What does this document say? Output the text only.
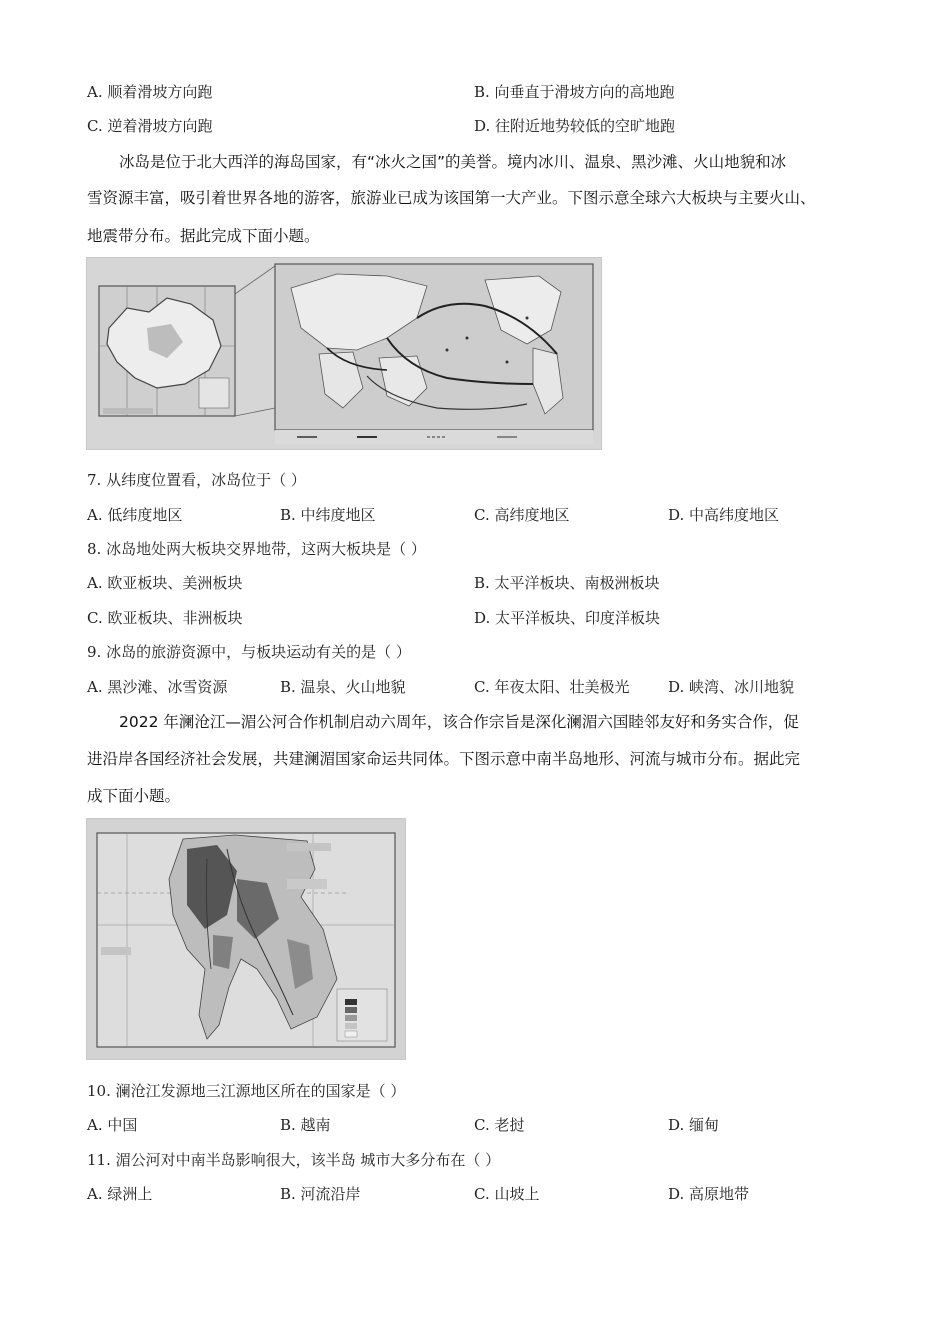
A. 顺着滑坡方向跑	B. 向垂直于滑坡方向的高地跑
C. 逆着滑坡方向跑	D. 往附近地势较低的空旷地跑
冰岛是位于北大西洋的海岛国家，有“冰火之国”的美誉。境内冰川、温泉、黑沙滩、火山地貌和冰
雪资源丰富，吸引着世界各地的游客，旅游业已成为该国第一大产业。下图示意全球六大板块与主要火山、
地震带分布。据此完成下面小题。
7. 从纬度位置看，冰岛位于（ ）
A. 低纬度地区	B. 中纬度地区	C. 高纬度地区	D. 中高纬度地区
8. 冰岛地处两大板块交界地带，这两大板块是（ ）
A. 欧亚板块、美洲板块	B. 太平洋板块、南极洲板块
C. 欧亚板块、非洲板块	D. 太平洋板块、印度洋板块
9. 冰岛的旅游资源中，与板块运动有关的是（ ）
A. 黑沙滩、冰雪资源	B. 温泉、火山地貌	C. 年夜太阳、壮美极光	D. 峡湾、冰川地貌
2022 年澜沧江—湄公河合作机制启动六周年，该合作宗旨是深化澜湄六国睦邻友好和务实合作，促
进沿岸各国经济社会发展，共建澜湄国家命运共同体。下图示意中南半岛地形、河流与城市分布。据此完
成下面小题。
10. 澜沧江发源地三江源地区所在的国家是（ ）
A. 中国	B. 越南	C. 老挝	D. 缅甸
11. 湄公河对中南半岛影响很大，该半岛 城市大多分布在（ ）
A. 绿洲上	B. 河流沿岸	C. 山坡上	D. 高原地带
